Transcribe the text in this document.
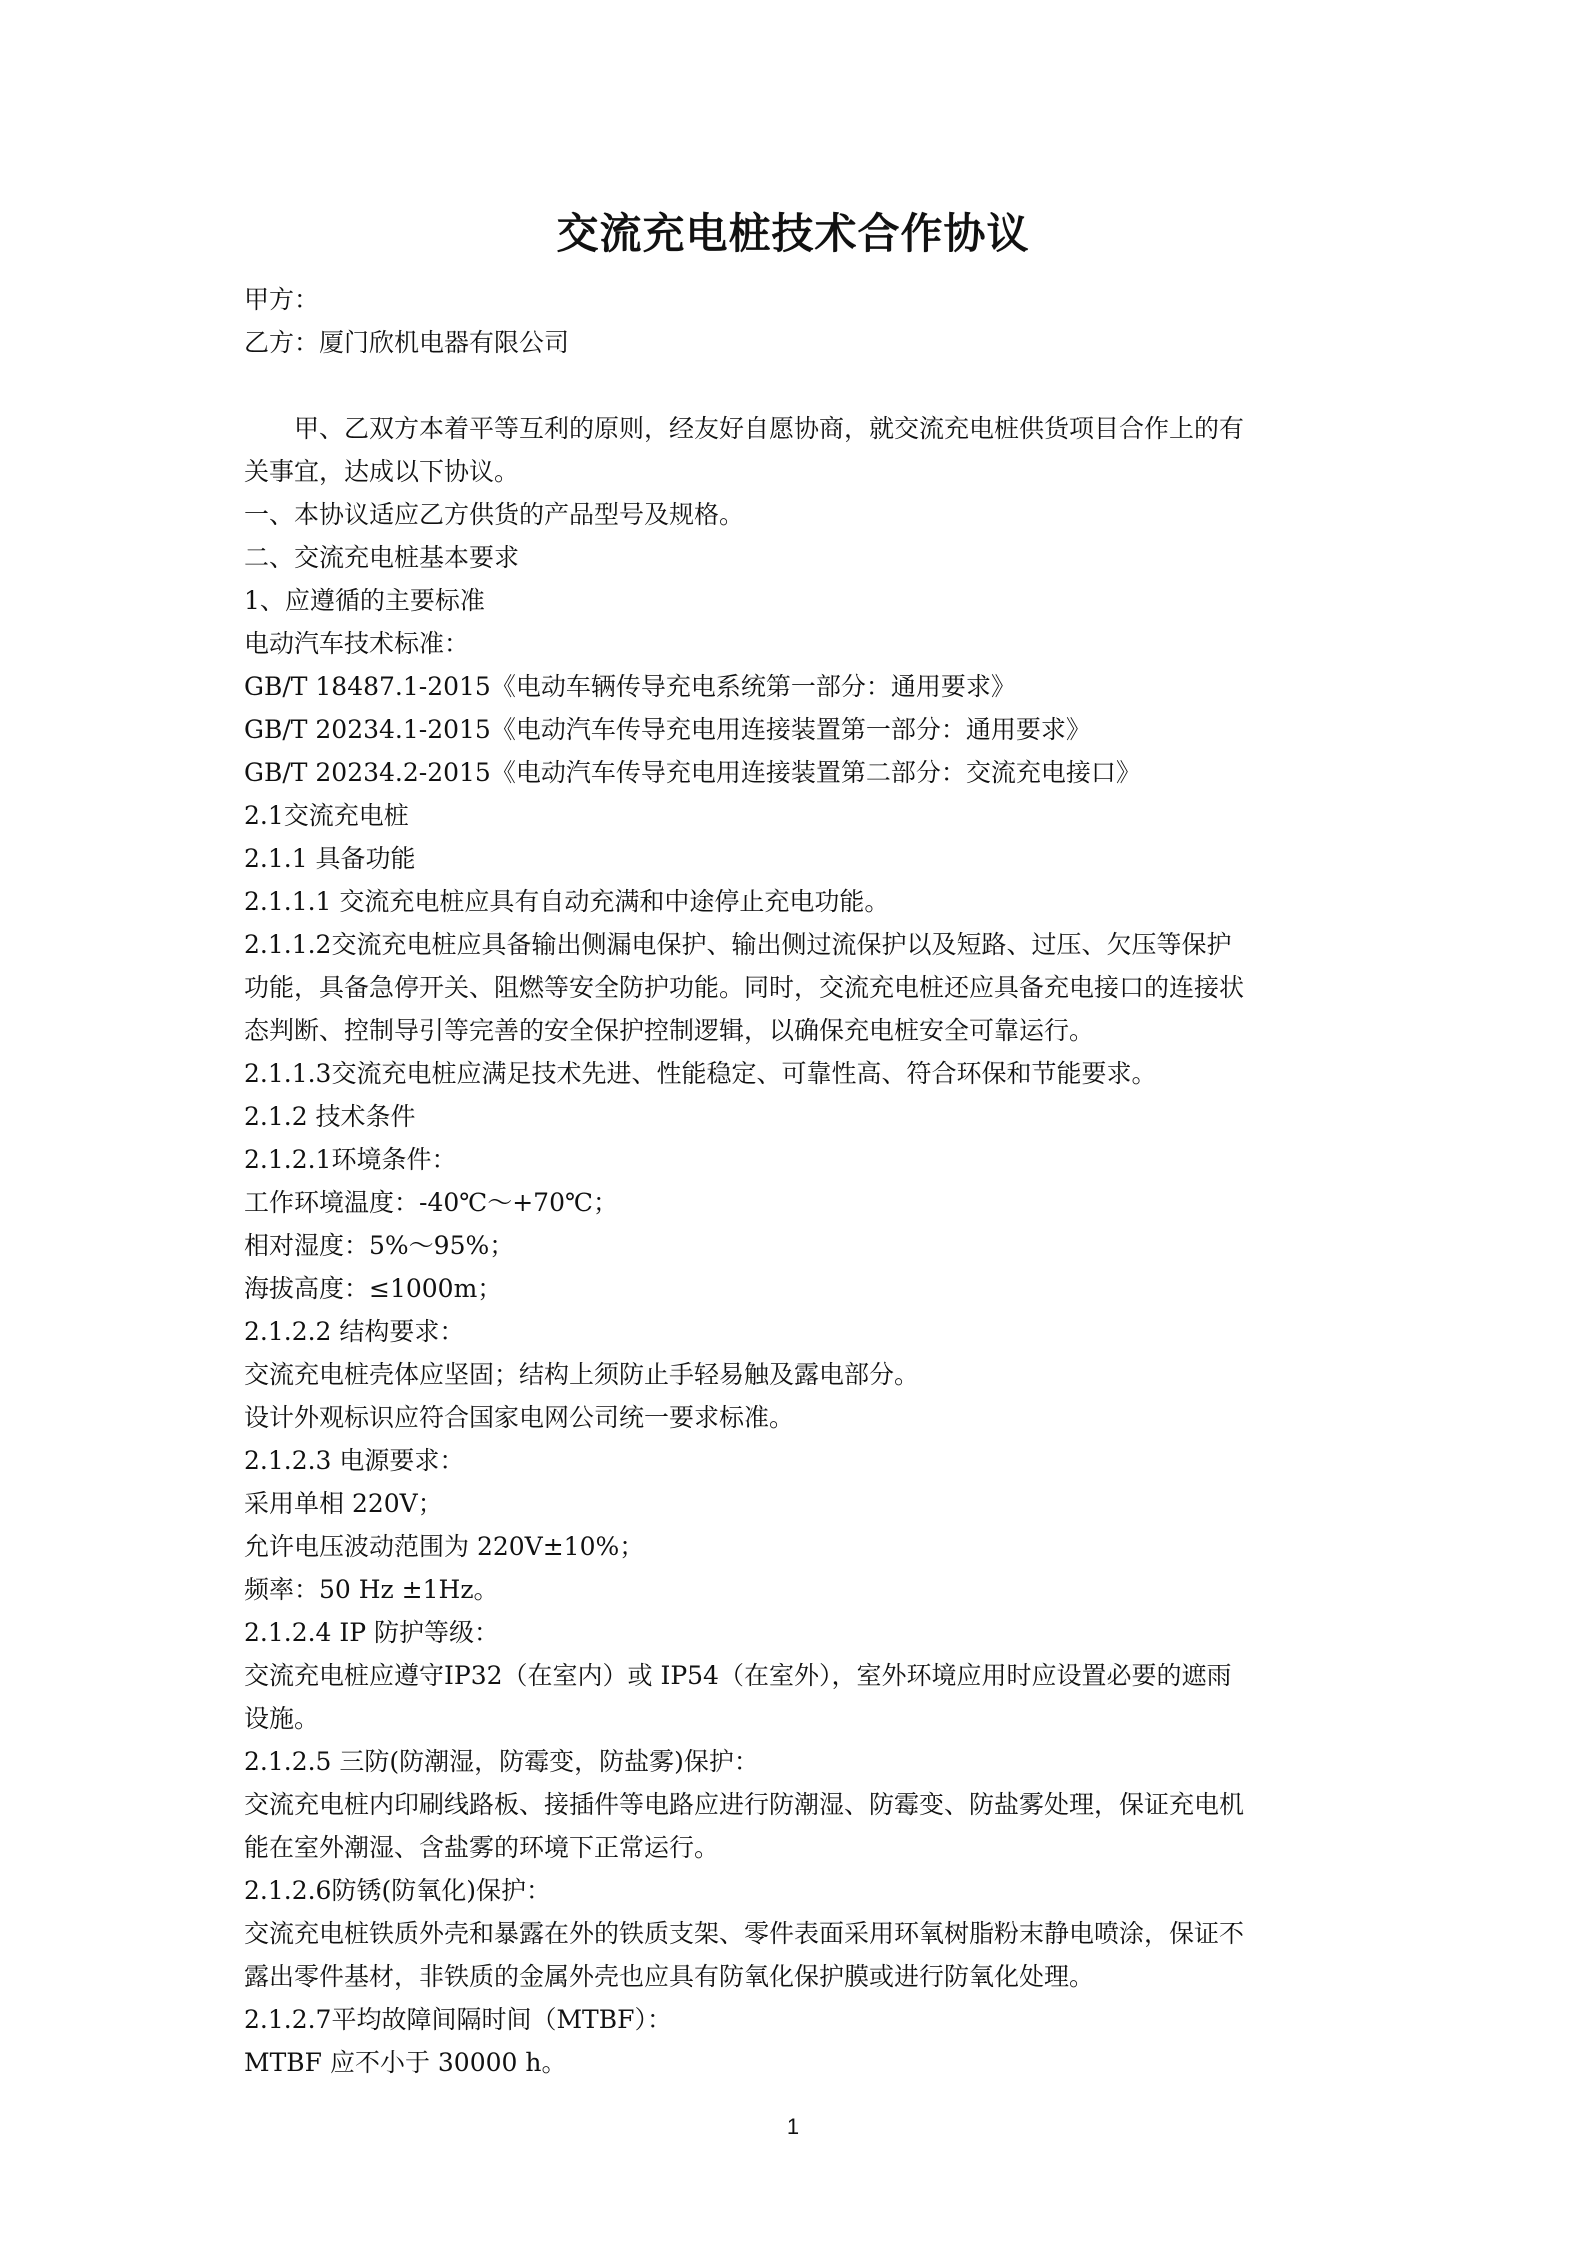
交流充电桩技术合作协议
甲方：
乙方：厦门欣机电器有限公司
甲、乙双方本着平等互利的原则，经友好自愿协商，就交流充电桩供货项目合作上的有
关事宜，达成以下协议。
一、本协议适应乙方供货的产品型号及规格。
二、交流充电桩基本要求
1、应遵循的主要标准
电动汽车技术标准：
GB/T 18487.1-2015《电动车辆传导充电系统第一部分：通用要求》
GB/T 20234.1-2015《电动汽车传导充电用连接装置第一部分：通用要求》
GB/T 20234.2-2015《电动汽车传导充电用连接装置第二部分：交流充电接口》
2.1交流充电桩
2.1.1 具备功能
2.1.1.1 交流充电桩应具有自动充满和中途停止充电功能。
2.1.1.2交流充电桩应具备输出侧漏电保护、输出侧过流保护以及短路、过压、欠压等保护
功能，具备急停开关、阻燃等安全防护功能。同时，交流充电桩还应具备充电接口的连接状
态判断、控制导引等完善的安全保护控制逻辑，以确保充电桩安全可靠运行。
2.1.1.3交流充电桩应满足技术先进、性能稳定、可靠性高、符合环保和节能要求。
2.1.2 技术条件
2.1.2.1环境条件：
工作环境温度：-40℃～+70℃；
相对湿度：5%～95%；
海拔高度：≤1000m；
2.1.2.2 结构要求：
交流充电桩壳体应坚固；结构上须防止手轻易触及露电部分。
设计外观标识应符合国家电网公司统一要求标准。
2.1.2.3 电源要求：
采用单相 220V；
允许电压波动范围为 220V±10%；
频率：50 Hz ±1Hz。
2.1.2.4 IP 防护等级：
交流充电桩应遵守IP32（在室内）或 IP54（在室外），室外环境应用时应设置必要的遮雨
设施。
2.1.2.5 三防(防潮湿，防霉变，防盐雾)保护：
交流充电桩内印刷线路板、接插件等电路应进行防潮湿、防霉变、防盐雾处理，保证充电机
能在室外潮湿、含盐雾的环境下正常运行。
2.1.2.6防锈(防氧化)保护：
交流充电桩铁质外壳和暴露在外的铁质支架、零件表面采用环氧树脂粉末静电喷涂，保证不
露出零件基材，非铁质的金属外壳也应具有防氧化保护膜或进行防氧化处理。
2.1.2.7平均故障间隔时间（MTBF）：
MTBF 应不小于 30000 h。
1
